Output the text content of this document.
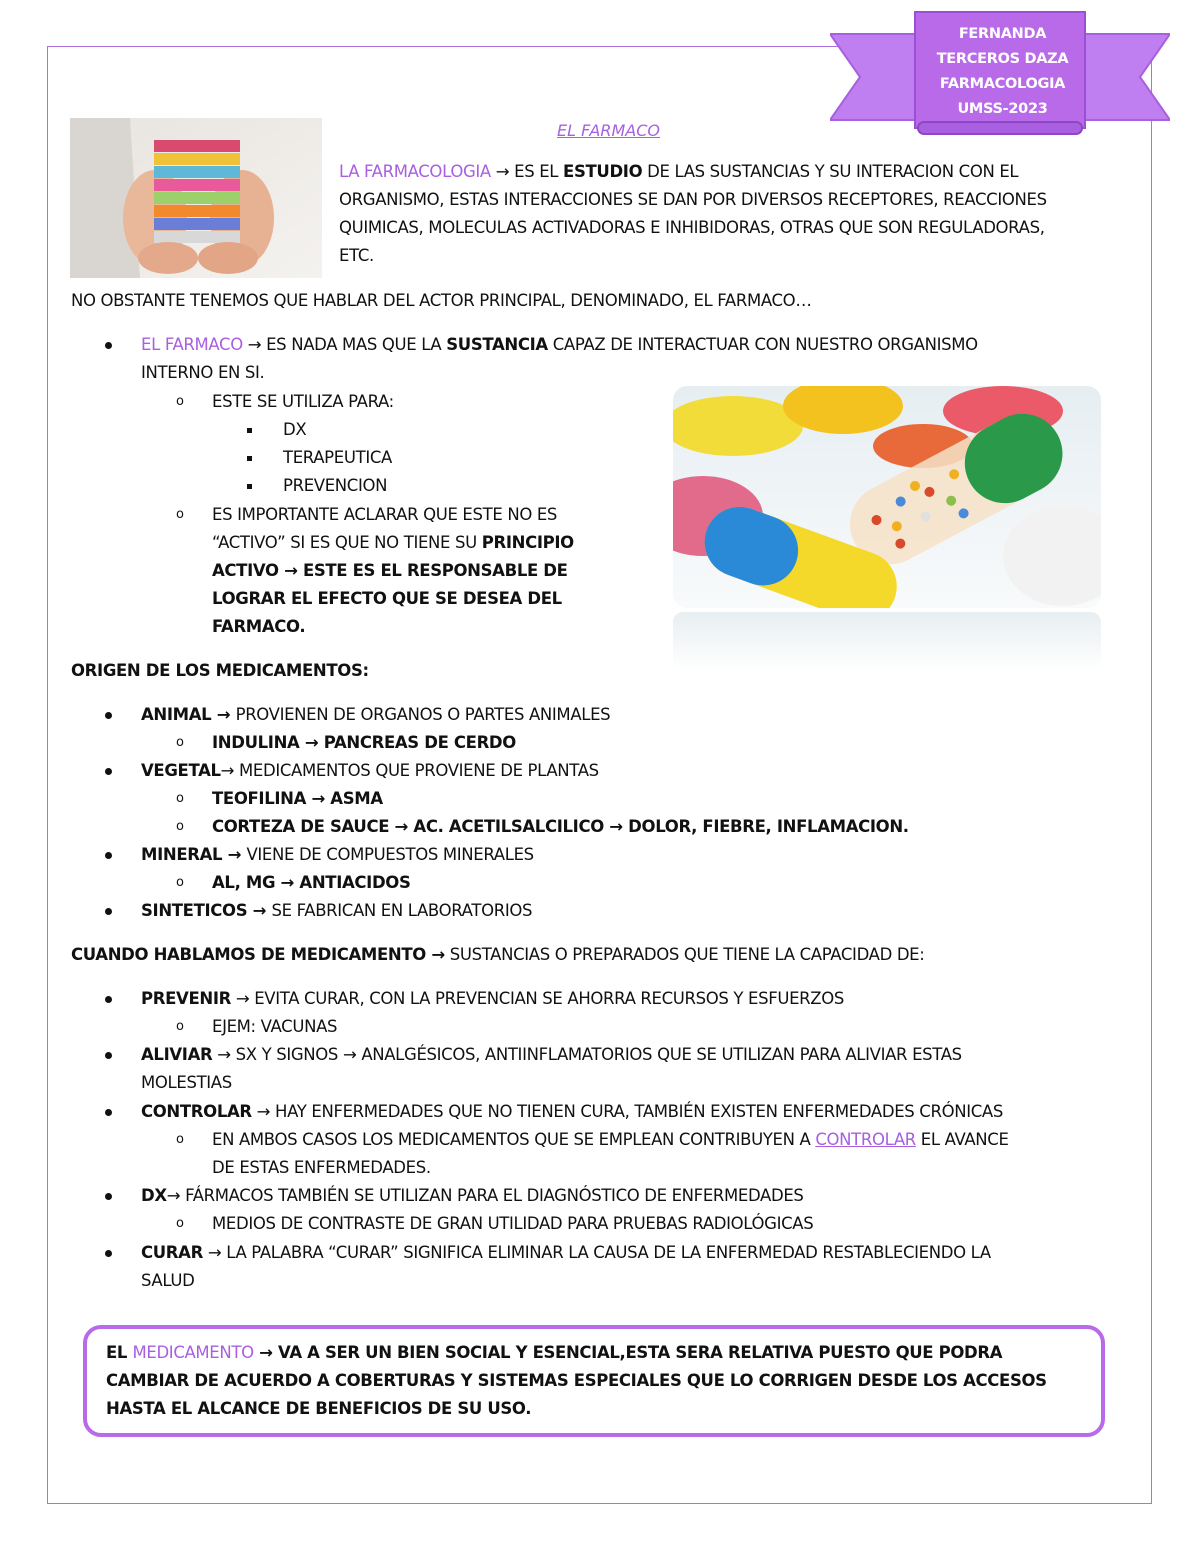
FERNANDA
TERCEROS DAZA
FARMACOLOGIA
UMSS-2023
EL FARMACO
LA FARMACOLOGIA → ES EL ESTUDIO DE LAS SUSTANCIAS Y SU INTERACION CON EL
ORGANISMO, ESTAS INTERACCIONES SE DAN POR DIVERSOS RECEPTORES, REACCIONES
QUIMICAS, MOLECULAS ACTIVADORAS E INHIBIDORAS, OTRAS QUE SON REGULADORAS,
ETC.
NO OBSTANTE TENEMOS QUE HABLAR DEL ACTOR PRINCIPAL, DENOMINADO, EL FARMACO…
EL FARMACO → ES NADA MAS QUE LA SUSTANCIA CAPAZ DE INTERACTUAR CON NUESTRO ORGANISMO
INTERNO EN SI.
o ESTE SE UTILIZA PARA:
DX
TERAPEUTICA
PREVENCION
o ES IMPORTANTE ACLARAR QUE ESTE NO ES
“ACTIVO” SI ES QUE NO TIENE SU PRINCIPIO
ACTIVO → ESTE ES EL RESPONSABLE DE
LOGRAR EL EFECTO QUE SE DESEA DEL
FARMACO.
ORIGEN DE LOS MEDICAMENTOS:
ANIMAL → PROVIENEN DE ORGANOS O PARTES ANIMALES
o INDULINA → PANCREAS DE CERDO
VEGETAL→ MEDICAMENTOS QUE PROVIENE DE PLANTAS
o TEOFILINA → ASMA
o CORTEZA DE SAUCE → AC. ACETILSALCILICO → DOLOR, FIEBRE, INFLAMACION.
MINERAL → VIENE DE COMPUESTOS MINERALES
o AL, MG → ANTIACIDOS
SINTETICOS → SE FABRICAN EN LABORATORIOS
CUANDO HABLAMOS DE MEDICAMENTO → SUSTANCIAS O PREPARADOS QUE TIENE LA CAPACIDAD DE:
PREVENIR → EVITA CURAR, CON LA PREVENCIAN SE AHORRA RECURSOS Y ESFUERZOS
o EJEM: VACUNAS
ALIVIAR → SX Y SIGNOS → ANALGÉSICOS, ANTIINFLAMATORIOS QUE SE UTILIZAN PARA ALIVIAR ESTAS
MOLESTIAS
CONTROLAR → HAY ENFERMEDADES QUE NO TIENEN CURA, TAMBIÉN EXISTEN ENFERMEDADES CRÓNICAS
o EN AMBOS CASOS LOS MEDICAMENTOS QUE SE EMPLEAN CONTRIBUYEN A CONTROLAR EL AVANCE
DE ESTAS ENFERMEDADES.
DX→ FÁRMACOS TAMBIÉN SE UTILIZAN PARA EL DIAGNÓSTICO DE ENFERMEDADES
o MEDIOS DE CONTRASTE DE GRAN UTILIDAD PARA PRUEBAS RADIOLÓGICAS
CURAR → LA PALABRA “CURAR” SIGNIFICA ELIMINAR LA CAUSA DE LA ENFERMEDAD RESTABLECIENDO LA
SALUD
EL MEDICAMENTO → VA A SER UN BIEN SOCIAL Y ESENCIAL,ESTA SERA RELATIVA PUESTO QUE PODRA
CAMBIAR DE ACUERDO A COBERTURAS Y SISTEMAS ESPECIALES QUE LO CORRIGEN DESDE LOS ACCESOS
HASTA EL ALCANCE DE BENEFICIOS DE SU USO.
